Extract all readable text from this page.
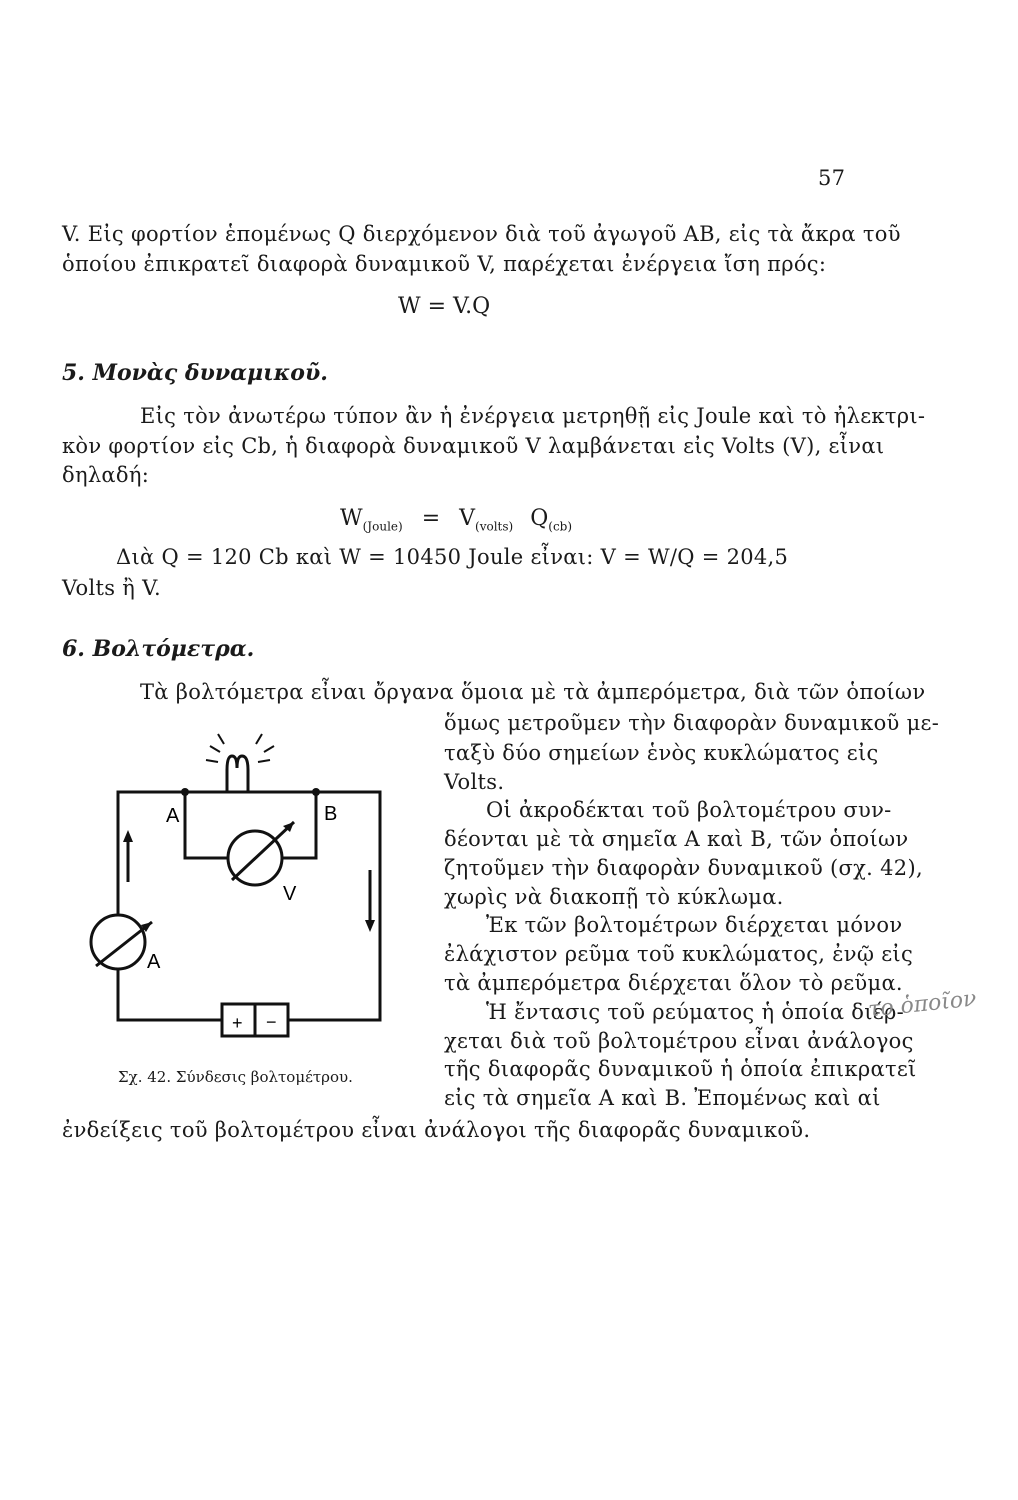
57
V. Εἰς φορτίον ἑπομένως Q διερχόμενον διὰ τοῦ ἀγωγοῦ ΑΒ, εἰς τὰ ἄκρα τοῦ
ὁποίου ἐπικρατεῖ διαφορὰ δυναμικοῦ V, παρέχεται ἐνέργεια ἴση πρός:
W = V.Q
5. Μονὰς δυναμικοῦ.
Εἰς τὸν ἀνωτέρω τύπον ἂν ἡ ἐνέργεια μετρηθῇ εἰς Joule καὶ τὸ ἠλεκτρι-
κὸν φορτίον εἰς Cb, ἡ διαφορὰ δυναμικοῦ V λαμβάνεται εἰς Volts (V), εἶναι
δηλαδή:
$W_{(Joule)} = V_{(volts)}$ $Q_{(cb)}$
Διὰ Q = 120 Cb καὶ W = 10450 Joule εἶναι: V = W/Q = 204,5
Volts ἢ V.
6. Βολτόμετρα.
Τὰ βολτόμετρα εἶναι ὄργανα ὅμοια μὲ τὰ ἀμπερόμετρα, διὰ τῶν ὁποίων
ὅμως μετροῦμεν τὴν διαφορὰν δυναμικοῦ με-
ταξὺ δύο σημείων ἑνὸς κυκλώματος εἰς
Volts.
Οἱ ἀκροδέκται τοῦ βολτομέτρου συν-
δέονται μὲ τὰ σημεῖα Α καὶ Β, τῶν ὁποίων
ζητοῦμεν τὴν διαφορὰν δυναμικοῦ (σχ. 42),
χωρὶς νὰ διακοπῇ τὸ κύκλωμα.
Ἐκ τῶν βολτομέτρων διέρχεται μόνον
ἐλάχιστον ρεῦμα τοῦ κυκλώματος, ἐνῷ εἰς
τὰ ἀμπερόμετρα διέρχεται ὅλον τὸ ρεῦμα.
Ἡ ἔντασις τοῦ ρεύματος ἡ ὁποία διέρ-
χεται διὰ τοῦ βολτομέτρου εἶναι ἀνάλογος
τῆς διαφορᾶς δυναμικοῦ ἡ ὁποία ἐπικρατεῖ
εἰς τὰ σημεῖα Α καὶ Β. Ἐπομένως καὶ αἱ
ἐνδείξεις τοῦ βολτομέτρου εἶναι ἀνάλογοι τῆς διαφορᾶς δυναμικοῦ.
το ὁποῖον
A	B
V
A
+ −
Σχ. 42. Σύνδεσις βολτομέτρου.
